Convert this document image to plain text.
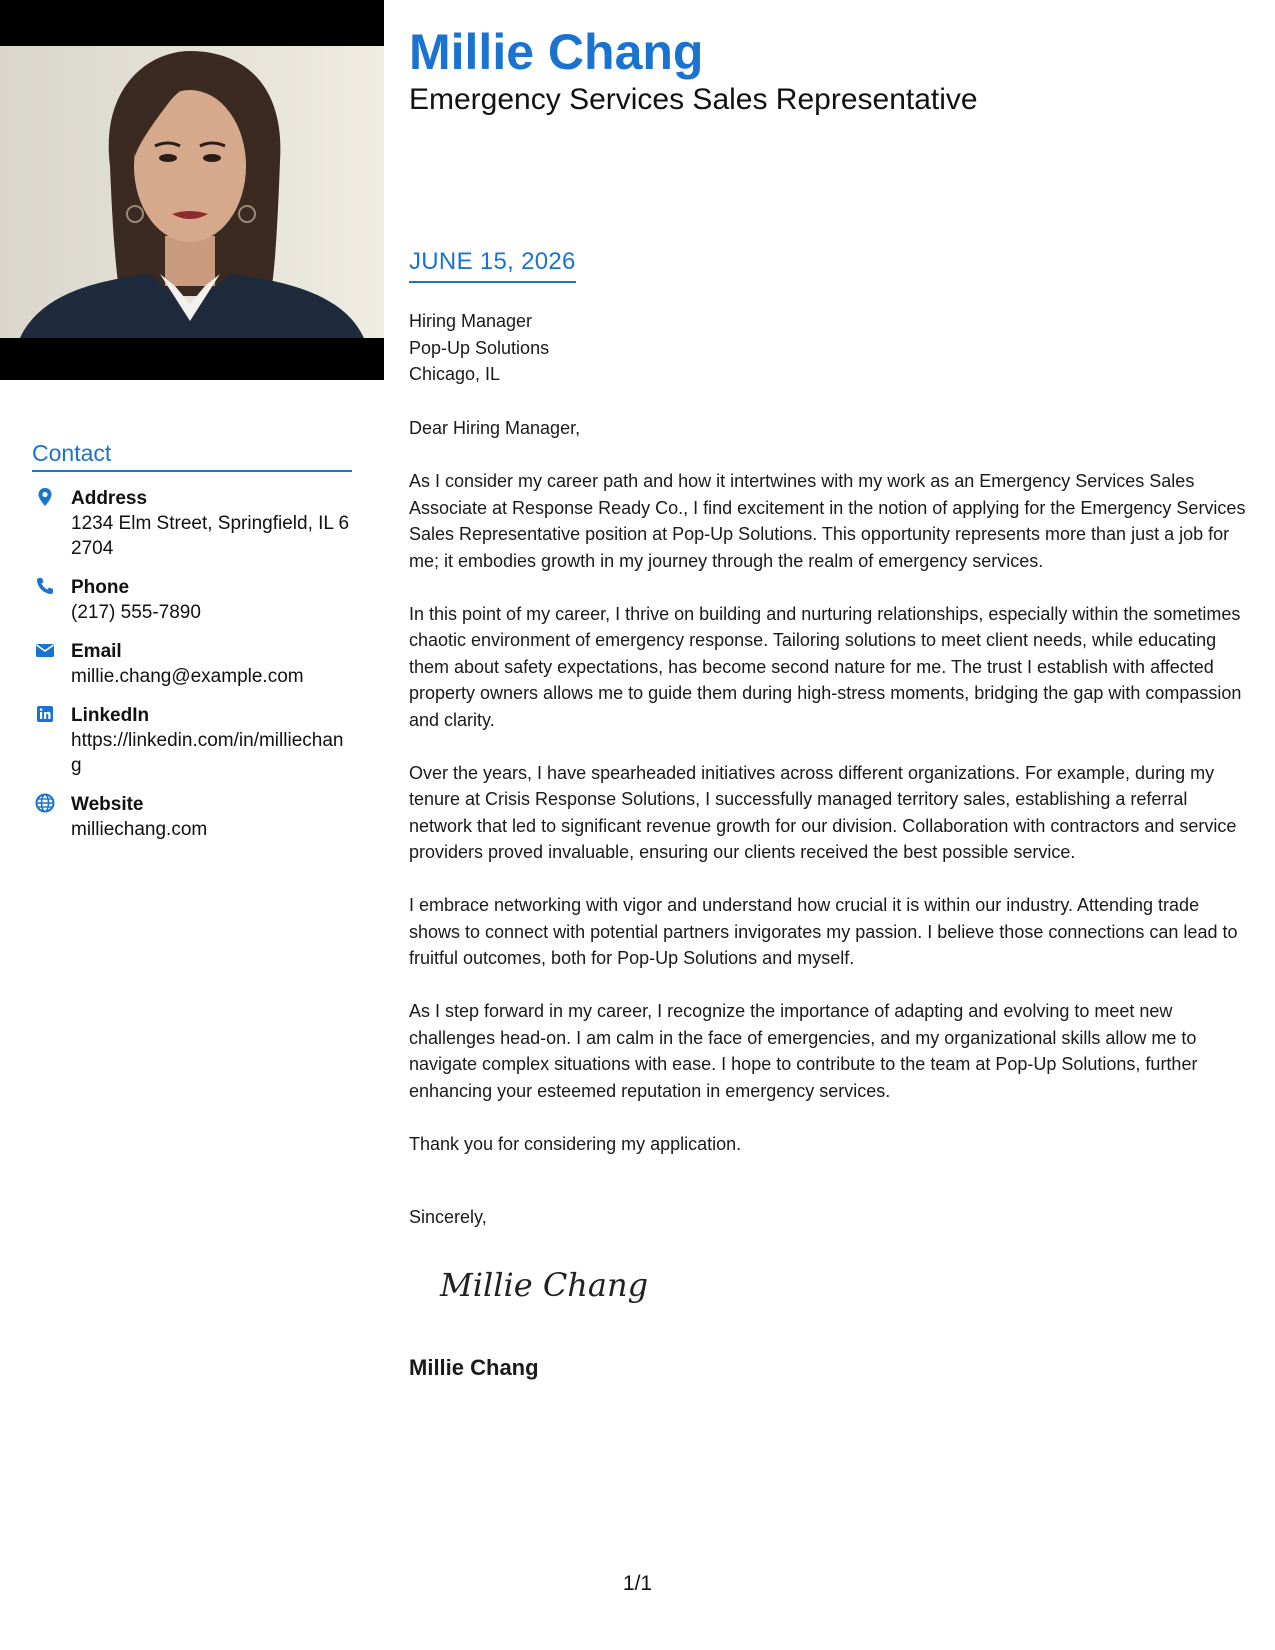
Contact
Address
1234 Elm Street, Springfield, IL 62704
Phone
(217) 555-7890
Email
millie.chang@example.com
LinkedIn
https://linkedin.com/in/milliechang
Website
milliechang.com
Millie Chang
Emergency Services Sales Representative
JUNE 15, 2026
Hiring Manager
Pop-Up Solutions
Chicago, IL

Dear Hiring Manager,

As I consider my career path and how it intertwines with my work as an Emergency Services Sales Associate at Response Ready Co., I find excitement in the notion of applying for the Emergency Services Sales Representative position at Pop-Up Solutions. This opportunity represents more than just a job for me; it embodies growth in my journey through the realm of emergency services.

In this point of my career, I thrive on building and nurturing relationships, especially within the sometimes chaotic environment of emergency response. Tailoring solutions to meet client needs, while educating them about safety expectations, has become second nature for me. The trust I establish with affected property owners allows me to guide them during high-stress moments, bridging the gap with compassion and clarity.

Over the years, I have spearheaded initiatives across different organizations. For example, during my tenure at Crisis Response Solutions, I successfully managed territory sales, establishing a referral network that led to significant revenue growth for our division. Collaboration with contractors and service providers proved invaluable, ensuring our clients received the best possible service.

I embrace networking with vigor and understand how crucial it is within our industry. Attending trade shows to connect with potential partners invigorates my passion. I believe those connections can lead to fruitful outcomes, both for Pop-Up Solutions and myself.

As I step forward in my career, I recognize the importance of adapting and evolving to meet new challenges head-on. I am calm in the face of emergencies, and my organizational skills allow me to navigate complex situations with ease. I hope to contribute to the team at Pop-Up Solutions, further enhancing your esteemed reputation in emergency services.

Thank you for considering my application.

Sincerely,
Millie Chang
Millie Chang
1/1
